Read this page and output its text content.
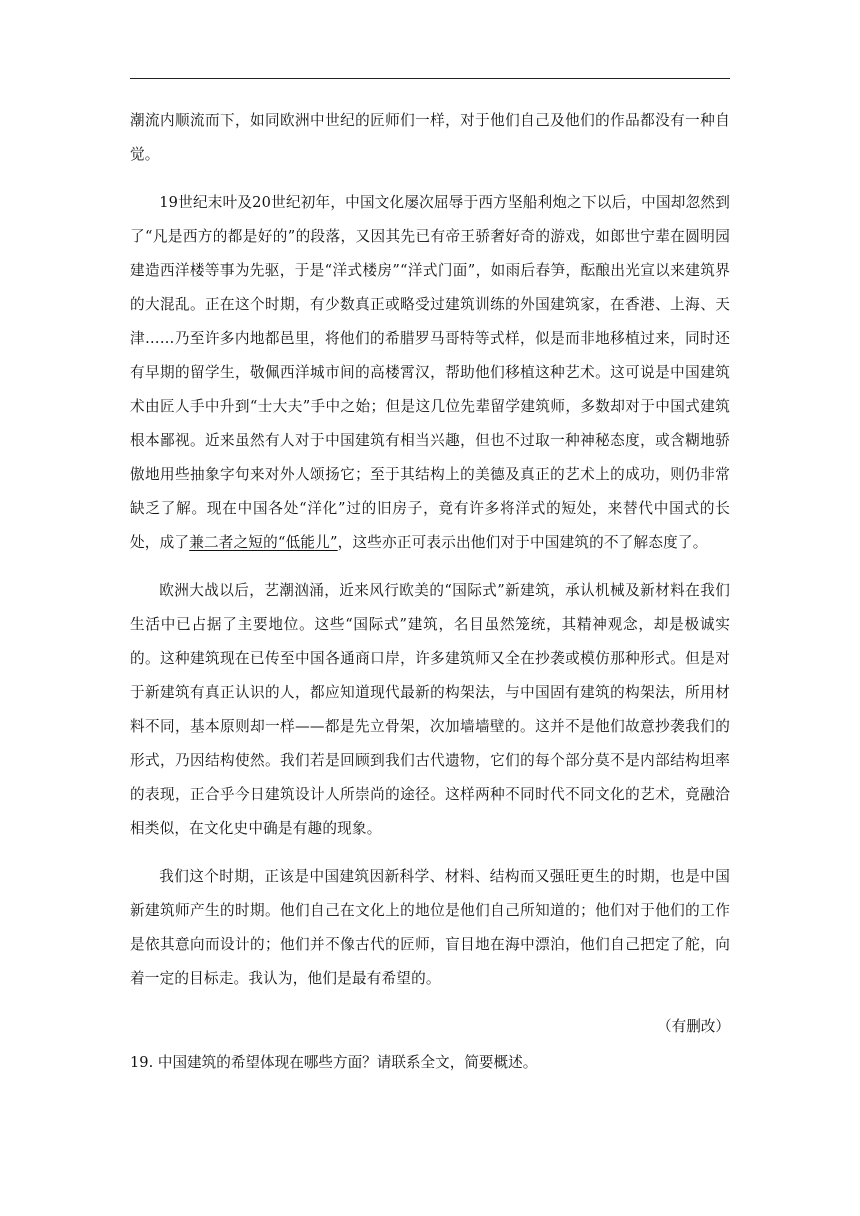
潮流内顺流而下，如同欧洲中世纪的匠师们一样，对于他们自己及他们的作品都没有一种自觉。

19世纪末叶及20世纪初年，中国文化屡次屈辱于西方坚船利炮之下以后，中国却忽然到了“凡是西方的都是好的”的段落，又因其先已有帝王骄奢好奇的游戏，如郎世宁辈在圆明园建造西洋楼等事为先驱，于是“洋式楼房”“洋式门面”，如雨后春笋，酝酿出光宣以来建筑界的大混乱。正在这个时期，有少数真正或略受过建筑训练的外国建筑家，在香港、上海、天津……乃至许多内地都邑里，将他们的希腊罗马哥特等式样，似是而非地移植过来，同时还有早期的留学生，敬佩西洋城市间的高楼霄汉，帮助他们移植这种艺术。这可说是中国建筑术由匠人手中升到“士大夫”手中之始；但是这几位先辈留学建筑师，多数却对于中国式建筑根本鄙视。近来虽然有人对于中国建筑有相当兴趣，但也不过取一种神秘态度，或含糊地骄傲地用些抽象字句来对外人颂扬它；至于其结构上的美德及真正的艺术上的成功，则仍非常缺乏了解。现在中国各处“洋化”过的旧房子，竟有许多将洋式的短处，来替代中国式的长处，成了兼二者之短的“低能儿”，这些亦正可表示出他们对于中国建筑的不了解态度了。

欧洲大战以后，艺潮汹涌，近来风行欧美的“国际式”新建筑，承认机械及新材料在我们生活中已占据了主要地位。这些“国际式”建筑，名目虽然笼统，其精神观念，却是极诚实的。这种建筑现在已传至中国各通商口岸，许多建筑师又全在抄袭或模仿那种形式。但是对于新建筑有真正认识的人，都应知道现代最新的构架法，与中国固有建筑的构架法，所用材料不同，基本原则却一样——都是先立骨架，次加墙墙壁的。这并不是他们故意抄袭我们的形式，乃因结构使然。我们若是回顾到我们古代遗物，它们的每个部分莫不是内部结构坦率的表现，正合乎今日建筑设计人所崇尚的途径。这样两种不同时代不同文化的艺术，竟融洽相类似，在文化史中确是有趣的现象。

我们这个时期，正该是中国建筑因新科学、材料、结构而又强旺更生的时期，也是中国新建筑师产生的时期。他们自己在文化上的地位是他们自己所知道的；他们对于他们的工作是依其意向而设计的；他们并不像古代的匠师，盲目地在海中漂泊，他们自己把定了舵，向着一定的目标走。我认为，他们是最有希望的。

（有删改）

19. 中国建筑的希望体现在哪些方面？请联系全文，简要概述。
